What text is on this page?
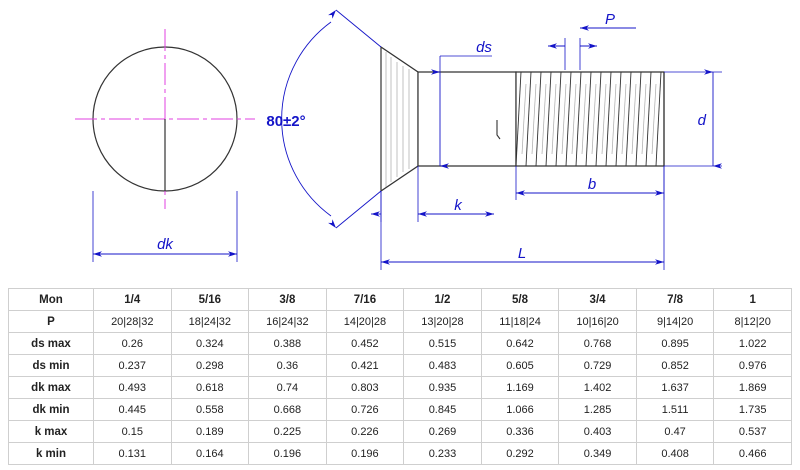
dk
80±2°
ds
d
P
k
b
L
Mon	1/4	5/16	3/8	7/16	1/2	5/8	3/4	7/8	1
P	20|28|32	18|24|32	16|24|32	14|20|28	13|20|28	11|18|24	10|16|20	9|14|20	8|12|20
ds max	0.26	0.324	0.388	0.452	0.515	0.642	0.768	0.895	1.022
ds min	0.237	0.298	0.36	0.421	0.483	0.605	0.729	0.852	0.976
dk max	0.493	0.618	0.74	0.803	0.935	1.169	1.402	1.637	1.869
dk min	0.445	0.558	0.668	0.726	0.845	1.066	1.285	1.511	1.735
k max	0.15	0.189	0.225	0.226	0.269	0.336	0.403	0.47	0.537
k min	0.131	0.164	0.196	0.196	0.233	0.292	0.349	0.408	0.466
